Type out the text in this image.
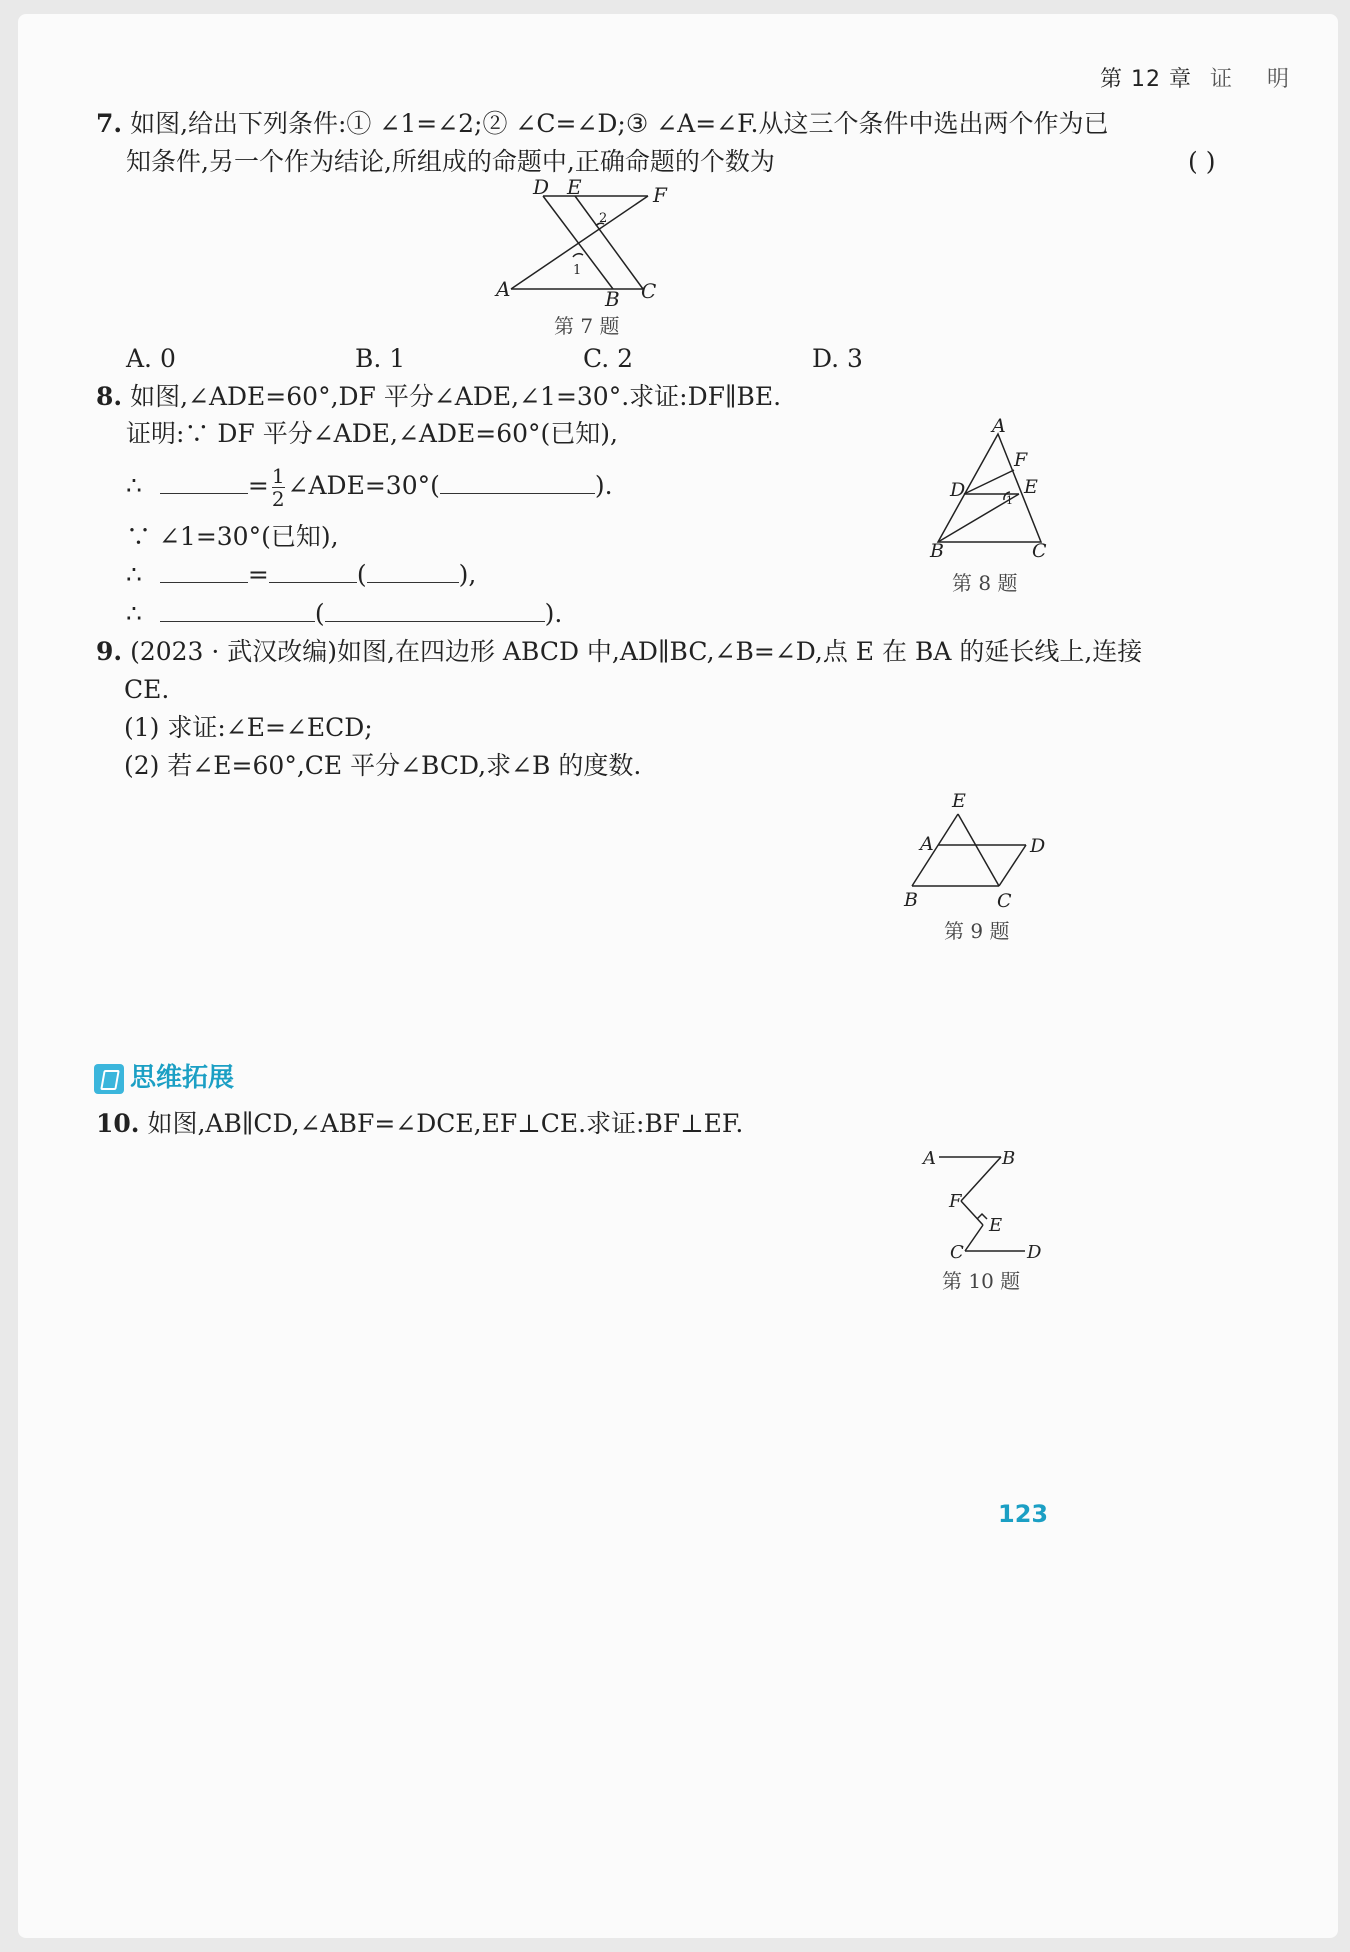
第 12 章 证 明
7. 如图,给出下列条件:① ∠1=∠2;② ∠C=∠D;③ ∠A=∠F.从这三个条件中选出两个作为已
知条件,另一个作为结论,所组成的命题中,正确命题的个数为	( )
D E	F
A	B C
1
2
第 7 题
A. 0	B. 1	C. 2	D. 3
8. 如图,∠ADE=60°,DF 平分∠ADE,∠1=30°.求证:DF∥BE.
证明:∵ DF 平分∠ADE,∠ADE=60°(已知),
∴	= $\frac{1}{2}$ ∠ADE=30°(	).
∵ ∠1=30°(已知),
∴	=	(	),
∴	(	).
A
F
D	E
B	C
1
第 8 题
9. (2023 · 武汉改编)如图,在四边形 ABCD 中,AD∥BC,∠B=∠D,点 E 在 BA 的延长线上,连接
CE.
(1) 求证:∠E=∠ECD;
(2) 若∠E=60°,CE 平分∠BCD,求∠B 的度数.
E
A	D
B	C
第 9 题
思维拓展
10. 如图,AB∥CD,∠ABF=∠DCE,EF⊥CE.求证:BF⊥EF.
A	B
F
E
C	D
第 10 题
123
